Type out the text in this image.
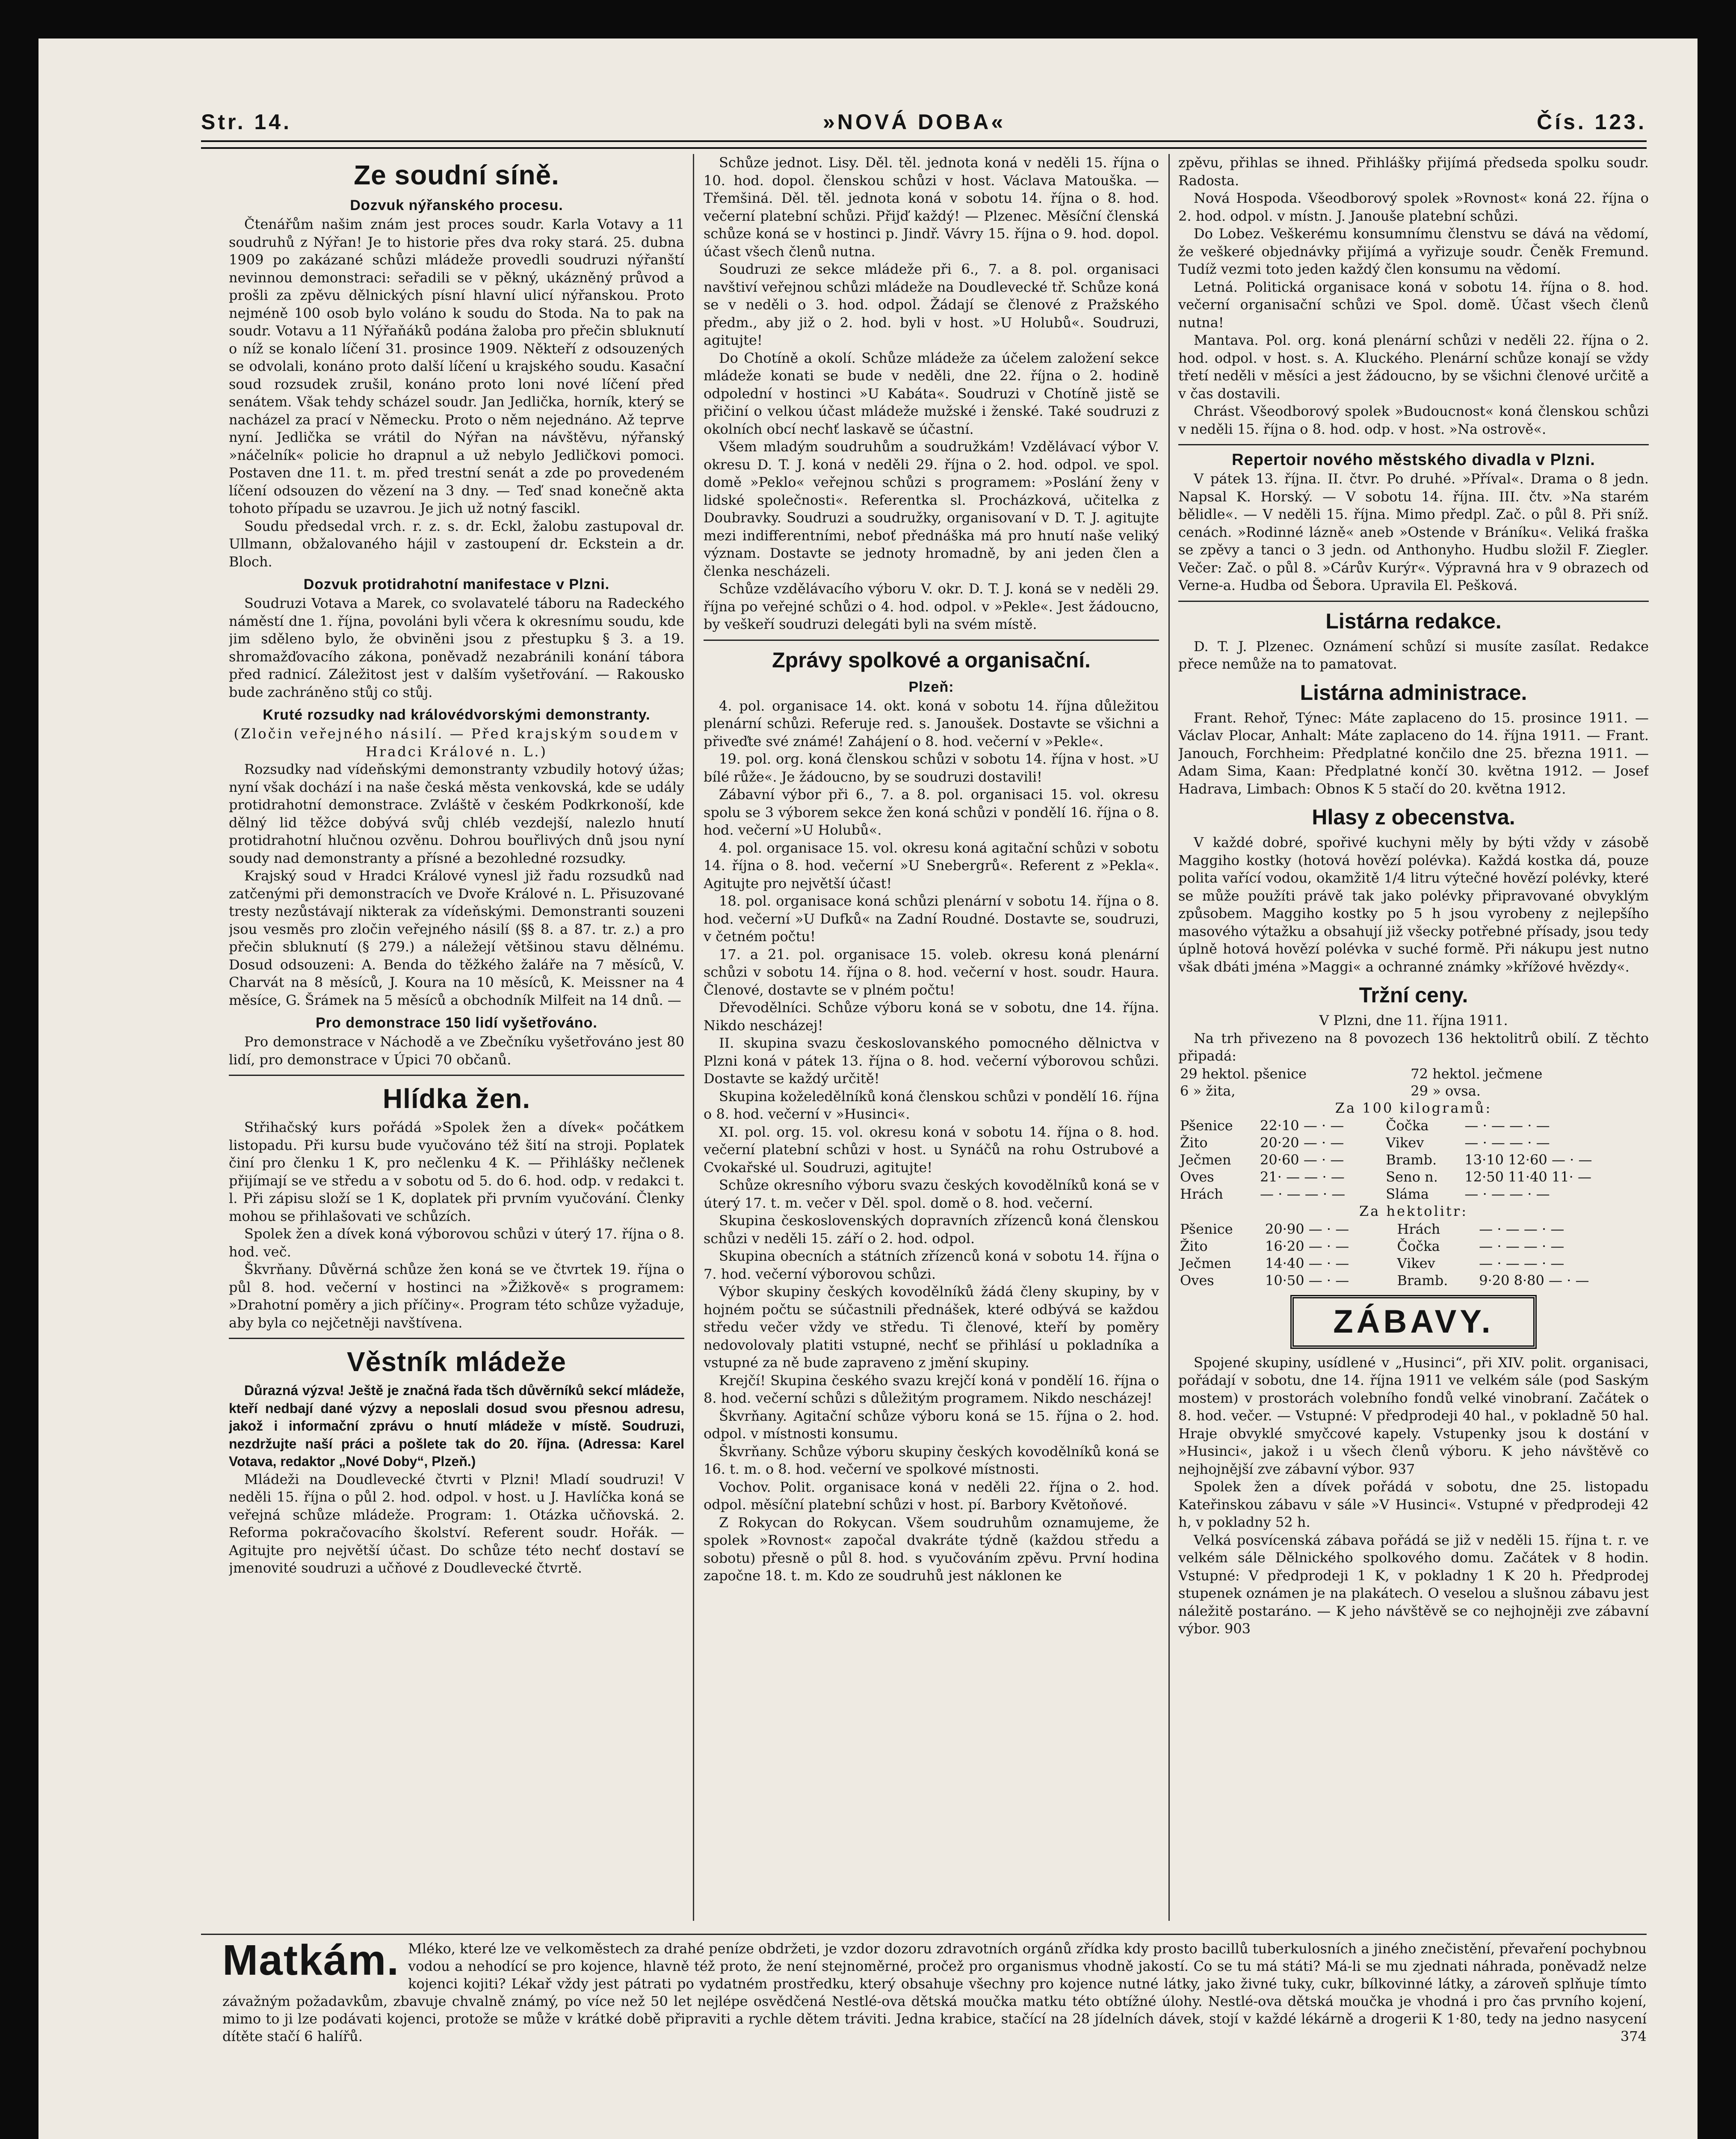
Str. 14.	»NOVÁ DOBA«	Čís. 123.
Ze soudní síně.
Dozvuk nýřanského procesu.

Čtenářům našim znám jest proces soudr. Karla Votavy a 11 soudruhů z Nýřan! Je to historie přes dva roky stará. 25. dubna 1909 po zakázané schůzi mládeže provedli soudruzi nýřanští nevinnou demonstraci: seřadili se v pěkný, ukázněný průvod a prošli za zpěvu dělnických písní hlavní ulicí nýřanskou. Proto nejméně 100 osob bylo voláno k soudu do Stoda. Na to pak na soudr. Votavu a 11 Nýřaňáků podána žaloba pro přečin sbluknutí o níž se konalo líčení 31. prosince 1909. Někteří z odsouzených se odvolali, konáno proto další líčení u krajského soudu. Kasační soud rozsudek zrušil, konáno proto loni nové líčení před senátem. Však tehdy scházel soudr. Jan Jedlička, horník, který se nacházel za prací v Německu. Proto o něm nejednáno. Až teprve nyní. Jedlička se vrátil do Nýřan na návštěvu, nýřanský »náčelník« policie ho drapnul a už nebylo Jedličkovi pomoci. Postaven dne 11. t. m. před trestní senát a zde po provedeném líčení odsouzen do vězení na 3 dny. — Teď snad konečně akta tohoto případu se uzavrou. Je jich už notný fascikl.

Soudu předsedal vrch. r. z. s. dr. Eckl, žalobu zastupoval dr. Ullmann, obžalovaného hájil v zastoupení dr. Eckstein a dr. Bloch.

Dozvuk protidrahotní manifestace v Plzni.

Soudruzi Votava a Marek, co svolavatelé táboru na Radeckého náměstí dne 1. října, povoláni byli včera k okresnímu soudu, kde jim sděleno bylo, že obviněni jsou z přestupku § 3. a 19. shromažďovacího zákona, poněvadž nezabránili konání tábora před radnicí. Záležitost jest v dalším vyšetřování. — Rakousko bude zachráněno stůj co stůj.

Kruté rozsudky nad královédvorskými demonstranty.

(Zločin veřejného násilí. — Před krajským soudem v Hradci Králové n. L.)

Rozsudky nad vídeňskými demonstranty vzbudily hotový úžas; nyní však dochází i na naše česká města venkovská, kde se udály protidrahotní demonstrace. Zvláště v českém Podkrkonoší, kde dělný lid těžce dobývá svůj chléb vezdejší, nalezlo hnutí protidrahotní hlučnou ozvěnu. Dohrou bouřlivých dnů jsou nyní soudy nad demonstranty a přísné a bezohledné rozsudky.

Krajský soud v Hradci Králové vynesl již řadu rozsudků nad zatčenými při demonstracích ve Dvoře Králové n. L. Přisuzované tresty nezůstávají nikterak za vídeňskými. Demonstranti souzeni jsou vesměs pro zločin veřejného násilí (§§ 8. a 87. tr. z.) a pro přečin sbluknutí (§ 279.) a náležejí většinou stavu dělnému. Dosud odsouzeni: A. Benda do těžkého žaláře na 7 měsíců, V. Charvát na 8 měsíců, J. Koura na 10 měsíců, K. Meissner na 4 měsíce, G. Šrámek na 5 měsíců a obchodník Milfeit na 14 dnů. —

Pro demonstrace 150 lidí vyšetřováno.

Pro demonstrace v Náchodě a ve Zbečníku vyšetřováno jest 80 lidí, pro demonstrace v Úpici 70 občanů.

Hlídka žen.

Střihačský kurs pořádá »Spolek žen a dívek« počátkem listopadu. Při kursu bude vyučováno též šití na stroji. Poplatek činí pro členku 1 K, pro nečlenku 4 K. — Přihlášky nečlenek přijímají se ve středu a v sobotu od 5. do 6. hod. odp. v redakci t. l. Při zápisu složí se 1 K, doplatek při prvním vyučování. Členky mohou se přihlašovati ve schůzích.

Spolek žen a dívek koná výborovou schůzi v úterý 17. října o 8. hod. več.

Škvrňany. Důvěrná schůze žen koná se ve čtvrtek 19. října o půl 8. hod. večerní v hostinci na »Žižkově« s programem: »Drahotní poměry a jich příčiny«. Program této schůze vyžaduje, aby byla co nejčetněji navštívena.

Věstník mládeže

Důrazná výzva! Ještě je značná řada tšch důvěrníků sekcí mládeže, kteří nedbají dané výzvy a neposlali dosud svou přesnou adresu, jakož i informační zprávu o hnutí mládeže v místě. Soudruzi, nezdržujte naší práci a pošlete tak do 20. října. (Adressa: Karel Votava, redaktor „Nové Doby“, Plzeň.)

Mládeži na Doudlevecké čtvrti v Plzni! Mladí soudruzi! V neděli 15. října o půl 2. hod. odpol. v host. u J. Havlíčka koná se veřejná schůze mládeže. Program: 1. Otázka učňovská. 2. Reforma pokračovacího školství. Referent soudr. Hořák. — Agitujte pro největší účast. Do schůze této nechť dostaví se jmenovité soudruzi a učňové z Doudlevecké čtvrtě.

Schůze jednot. Lisy. Děl. těl. jednota koná v neděli 15. října o 10. hod. dopol. členskou schůzi v host. Václava Matouška. — Třemšiná. Děl. těl. jednota koná v sobotu 14. října o 8. hod. večerní platební schůzi. Přijď každý! — Plzenec. Měsíční členská schůze koná se v hostinci p. Jindř. Vávry 15. října o 9. hod. dopol. účast všech členů nutna.

Soudruzi ze sekce mládeže při 6., 7. a 8. pol. organisaci navštiví veřejnou schůzi mládeže na Doudlevecké tř. Schůze koná se v neděli o 3. hod. odpol. Žádají se členové z Pražského předm., aby již o 2. hod. byli v host. »U Holubů«. Soudruzi, agitujte!

Do Chotíně a okolí. Schůze mládeže za účelem založení sekce mládeže konati se bude v neděli, dne 22. října o 2. hodině odpolední v hostinci »U Kabáta«. Soudruzi v Chotíně jistě se přičiní o velkou účast mládeže mužské i ženské. Také soudruzi z okolních obcí nechť laskavě se účastní.

Všem mladým soudruhům a soudružkám! Vzdělávací výbor V. okresu D. T. J. koná v neděli 29. října o 2. hod. odpol. ve spol. domě »Peklo« veřejnou schůzi s programem: »Poslání ženy v lidské společnosti«. Referentka sl. Procházková, učitelka z Doubravky. Soudruzi a soudružky, organisovaní v D. T. J. agitujte mezi indifferentními, neboť přednáška má pro hnutí naše veliký význam. Dostavte se jednoty hromadně, by ani jeden člen a členka nescházeli.

Schůze vzdělávacího výboru V. okr. D. T. J. koná se v neděli 29. října po veřejné schůzi o 4. hod. odpol. v »Pekle«. Jest žádoucno, by veškeří soudruzi delegáti byli na svém místě.

Zprávy spolkové a organisační.
Plzeň:

4. pol. organisace 14. okt. koná v sobotu 14. října důležitou plenární schůzi. Referuje red. s. Janoušek. Dostavte se všichni a přiveďte své známé! Zahájení o 8. hod. večerní v »Pekle«.

19. pol. org. koná členskou schůzi v sobotu 14. října v host. »U bílé růže«. Je žádoucno, by se soudruzi dostavili!

Zábavní výbor při 6., 7. a 8. pol. organisaci 15. vol. okresu spolu se 3 výborem sekce žen koná schůzi v pondělí 16. října o 8. hod. večerní »U Holubů«.

4. pol. organisace 15. vol. okresu koná agitační schůzi v sobotu 14. října o 8. hod. večerní »U Snebergrů«. Referent z »Pekla«. Agitujte pro největší účast!

18. pol. organisace koná schůzi plenární v sobotu 14. října o 8. hod. večerní »U Dufků« na Zadní Roudné. Dostavte se, soudruzi, v četném počtu!

17. a 21. pol. organisace 15. voleb. okresu koná plenární schůzi v sobotu 14. října o 8. hod. večerní v host. soudr. Haura. Členové, dostavte se v plném počtu!

Dřevodělníci. Schůze výboru koná se v sobotu, dne 14. října. Nikdo nescházej!

II. skupina svazu českoslovanského pomocného dělnictva v Plzni koná v pátek 13. října o 8. hod. večerní výborovou schůzi. Dostavte se každý určitě!

Skupina koželedělníků koná členskou schůzi v pondělí 16. října o 8. hod. večerní v »Husinci«.

XI. pol. org. 15. vol. okresu koná v sobotu 14. října o 8. hod. večerní platební schůzi v host. u Synáčů na rohu Ostrubové a Cvokařské ul. Soudruzi, agitujte!

Schůze okresního výboru svazu českých kovodělníků koná se v úterý 17. t. m. večer v Děl. spol. domě o 8. hod. večerní.

Skupina československých dopravních zřízenců koná členskou schůzi v neděli 15. září o 2. hod. odpol.

Skupina obecních a státních zřízenců koná v sobotu 14. října o 7. hod. večerní výborovou schůzi.

Výbor skupiny českých kovodělníků žádá členy skupiny, by v hojném počtu se súčastnili přednášek, které odbývá se každou středu večer vždy ve středu. Ti členové, kteří by poměry nedovolovaly platiti vstupné, nechť se přihlásí u pokladníka a vstupné za ně bude zapraveno z jmění skupiny.

Krejčí! Skupina českého svazu krejčí koná v pondělí 16. října o 8. hod. večerní schůzi s důležitým programem. Nikdo nescházej!

Škvrňany. Agitační schůze výboru koná se 15. října o 2. hod. odpol. v místnosti konsumu.

Škvrňany. Schůze výboru skupiny českých kovodělníků koná se 16. t. m. o 8. hod. večerní ve spolkové místnosti.

Vochov. Polit. organisace koná v neděli 22. října o 2. hod. odpol. měsíční platební schůzi v host. pí. Barbory Květoňové.

Z Rokycan do Rokycan. Všem soudruhům oznamujeme, že spolek »Rovnost« započal dvakráte týdně (každou středu a sobotu) přesně o půl 8. hod. s vyučováním zpěvu. První hodina započne 18. t. m. Kdo ze soudruhů jest náklonen ke

zpěvu, přihlas se ihned. Přihlášky přijímá předseda spolku soudr. Radosta.

Nová Hospoda. Všeodborový spolek »Rovnost« koná 22. října o 2. hod. odpol. v místn. J. Janouše platební schůzi.

Do Lobez. Veškerému konsumnímu členstvu se dává na vědomí, že veškeré objednávky přijímá a vyřizuje soudr. Čeněk Fremund. Tudíž vezmi toto jeden každý člen konsumu na vědomí.

Letná. Politická organisace koná v sobotu 14. října o 8. hod. večerní organisační schůzi ve Spol. domě. Účast všech členů nutna!

Mantava. Pol. org. koná plenární schůzi v neděli 22. října o 2. hod. odpol. v host. s. A. Kluckého. Plenární schůze konají se vždy třetí neděli v měsíci a jest žádoucno, by se všichni členové určitě a v čas dostavili.

Chrást. Všeodborový spolek »Budoucnost« koná členskou schůzi v neděli 15. října o 8. hod. odp. v host. »Na ostrově«.

Repertoir nového městského divadla v Plzni.

V pátek 13. října. II. čtvr. Po druhé. »Příval«. Drama o 8 jedn. Napsal K. Horský. — V sobotu 14. října. III. čtv. »Na starém bělidle«. — V neděli 15. října. Mimo předpl. Zač. o půl 8. Při sníž. cenách. »Rodinné lázně« aneb »Ostende v Bráníku«. Veliká fraška se zpěvy a tanci o 3 jedn. od Anthonyho. Hudbu složil F. Ziegler. Večer: Zač. o půl 8. »Cárův Kurýr«. Výpravná hra v 9 obrazech od Verne-a. Hudba od Šebora. Upravila El. Pešková.

Listárna redakce.

D. T. J. Plzenec. Oznámení schůzí si musíte zasílat. Redakce přece nemůže na to pamatovat.

Listárna administrace.

Frant. Rehoř, Týnec: Máte zaplaceno do 15. prosince 1911. — Václav Plocar, Anhalt: Máte zaplaceno do 14. října 1911. — Frant. Janouch, Forchheim: Předplatné končilo dne 25. března 1911. — Adam Sima, Kaan: Předplatné končí 30. května 1912. — Josef Hadrava, Limbach: Obnos K 5 stačí do 20. května 1912.

Hlasy z obecenstva.

V každé dobré, spořivé kuchyni měly by býti vždy v zásobě Maggiho kostky (hotová hovězí polévka). Každá kostka dá, pouze polita vařící vodou, okamžitě 1/4 litru výtečné hovězí polévky, které se může použíti právě tak jako polévky připravované obvyklým způsobem. Maggiho kostky po 5 h jsou vyrobeny z nejlepšího masového výtažku a obsahují již všecky potřebné přísady, jsou tedy úplně hotová hovězí polévka v suché formě. Při nákupu jest nutno však dbáti jména »Maggi« a ochranné známky »křížové hvězdy«.

Tržní ceny.

V Plzni, dne 11. října 1911.

Na trh přivezeno na 8 povozech 136 hektolitrů obilí. Z těchto připadá:

29 hektol. pšenice	72 hektol. ječmene
6 » žita,	29 » ovsa.

Za 100 kilogramů:

Pšenice	22·10 — · —	Čočka	— · — — · —
Žito	20·20 — · —	Vikev	— · — — · —
Ječmen	20·60 — · —	Bramb.	13·10 12·60 — · —
Oves	21· — — · —	Seno n.	12·50 11·40 11· —
Hrách	— · — — · —	Sláma	— · — — · —

Za hektolitr:

Pšenice	20·90 — · —	Hrách	— · — — · —
Žito	16·20 — · —	Čočka	— · — — · —
Ječmen	14·40 — · —	Vikev	— · — — · —
Oves	10·50 — · —	Bramb.	9·20 8·80 — · —
ZÁBAVY.

Spojené skupiny, usídlené v „Husinci“, při XIV. polit. organisaci, pořádají v sobotu, dne 14. října 1911 ve velkém sále (pod Saským mostem) v prostorách volebního fondů velké vinobraní. Začátek o 8. hod. večer. — Vstupné: V předprodeji 40 hal., v pokladně 50 hal. Hraje obvyklé smyčcové kapely. Vstupenky jsou k dostání v »Husinci«, jakož i u všech členů výboru. K jeho návštěvě co nejhojnější zve zábavní výbor. 937

Spolek žen a dívek pořádá v sobotu, dne 25. listopadu Kateřinskou zábavu v sále »V Husinci«. Vstupné v předprodeji 42 h, v pokladny 52 h.

Velká posvícenská zábava pořádá se již v neděli 15. října t. r. ve velkém sále Dělnického spolkového domu. Začátek v 8 hodin. Vstupné: V předprodeji 1 K, v pokladny 1 K 20 h. Předprodej stupenek oznámen je na plakátech. O veselou a slušnou zábavu jest náležitě postaráno. — K jeho návštěvě se co nejhojněji zve zábavní výbor. 903

Matkám. Mléko, které lze ve velkoměstech za drahé peníze obdržeti, je vzdor dozoru zdravotních orgánů zřídka kdy prosto bacillů tuberkulosních a jiného znečistění, převaření pochybnou vodou a nehodící se pro kojence, hlavně též proto, že není stejnoměrné, pročež pro organismus vhodně jakostí. Co se tu má státi? Má-li se mu zjednati náhrada, poněvadž nelze kojenci kojiti? Lékař vždy jest pátrati po vydatném prostředku, který obsahuje všechny pro kojence nutné látky, jako živné tuky, cukr, bílkovinné látky, a zároveň splňuje tímto závažným požadavkům, zbavuje chvalně známý, po více než 50 let nejlépe osvědčená Nestlé-ova dětská moučka matku této obtížné úlohy. Nestlé-ova dětská moučka je vhodná i pro čas prvního kojení, mimo to ji lze podávati kojenci, protože se může v krátké době připraviti a rychle dětem tráviti. Jedna krabice, stačící na 28 jídelních dávek, stojí v každé lékárně a drogerii K 1·80, tedy na jedno nasycení dítěte stačí 6 halířů.	374
